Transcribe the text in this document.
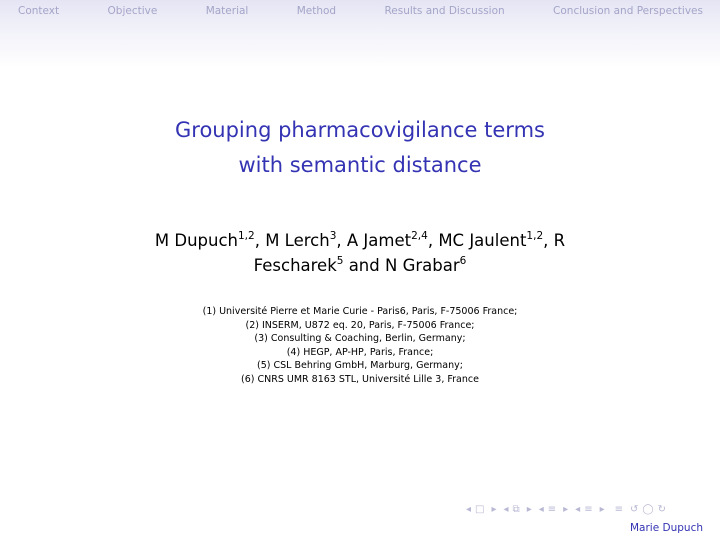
Context	Objective	Material	Method	Results and Discussion	Conclusion and Perspectives
Grouping pharmacovigilance terms
with semantic distance
M Dupuch$^{1,2}$, M Lerch$^3$, A Jamet$^{2,4}$, MC Jaulent$^{1,2}$, R
Fescharek$^5$ and N Grabar$^6$
(1) Université Pierre et Marie Curie - Paris6, Paris, F-75006 France;
(2) INSERM, U872 eq. 20, Paris, F-75006 France;
(3) Consulting & Coaching, Berlin, Germany;
(4) HEGP, AP-HP, Paris, France;
(5) CSL Behring GmbH, Marburg, Germany;
(6) CNRS UMR 8163 STL, Université Lille 3, France
◂ □ ▸ ◂ ⧉ ▸ ◂ ≡ ▸ ◂ ≡ ▸	≡ ↺ ◯ ↻
Marie Dupuch
